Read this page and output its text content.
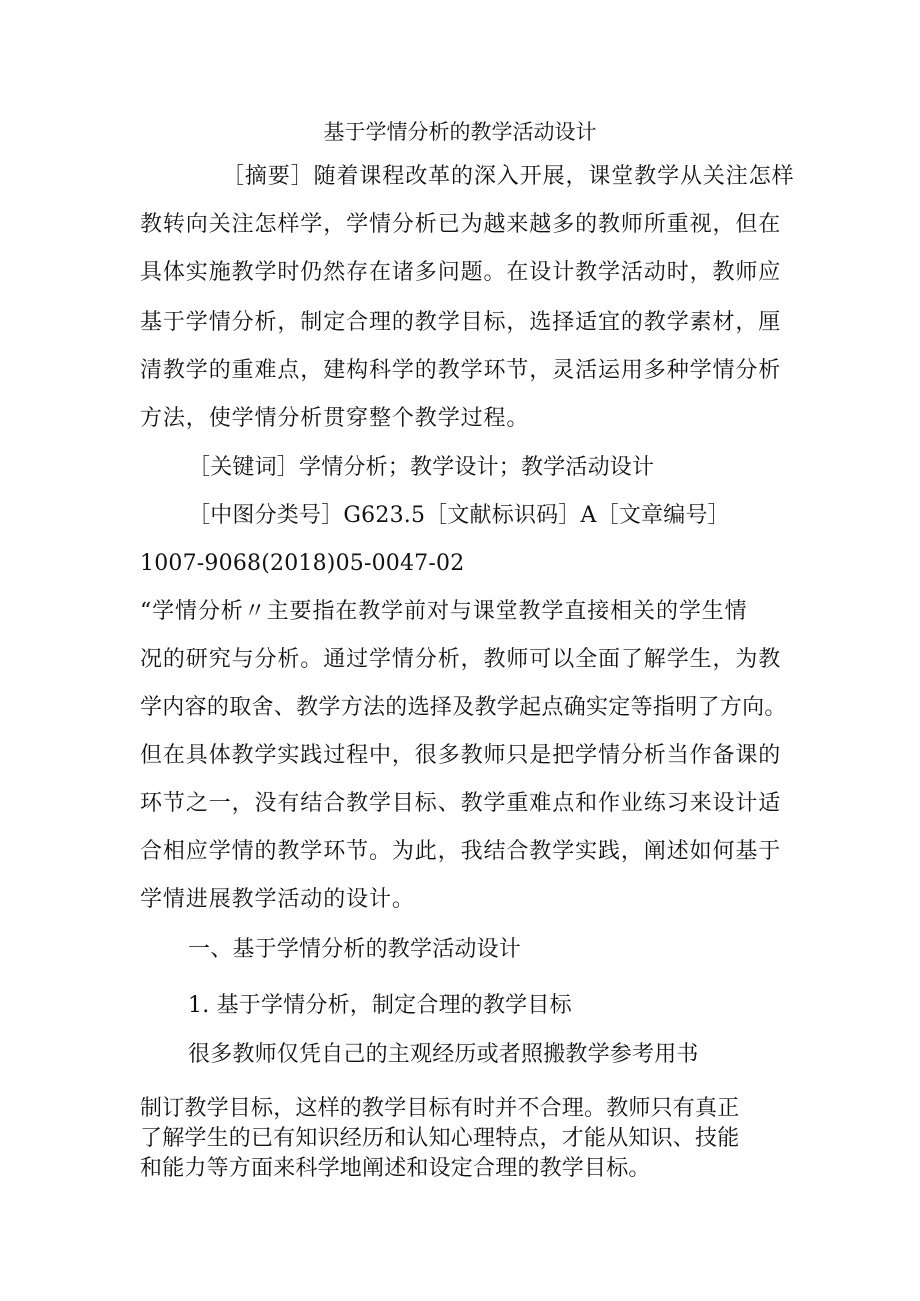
基于学情分析的教学活动设计

［摘要］随着课程改革的深入开展，课堂教学从关注怎样

教转向关注怎样学，学情分析已为越来越多的教师所重视，但在

具体实施教学时仍然存在诸多问题。在设计教学活动时，教师应

基于学情分析，制定合理的教学目标，选择适宜的教学素材，厘

清教学的重难点，建构科学的教学环节，灵活运用多种学情分析

方法，使学情分析贯穿整个教学过程。

［关键词］学情分析；教学设计；教学活动设计

［中图分类号］G623.5［文献标识码］A［文章编号］

1007-9068(2018)05-0047-02

“学情分析〃主要指在教学前对与课堂教学直接相关的学生情

况的研究与分析。通过学情分析，教师可以全面了解学生，为教

学内容的取舍、教学方法的选择及教学起点确实定等指明了方向。

但在具体教学实践过程中，很多教师只是把学情分析当作备课的

环节之一，没有结合教学目标、教学重难点和作业练习来设计适

合相应学情的教学环节。为此，我结合教学实践，阐述如何基于

学情进展教学活动的设计。

一、基于学情分析的教学活动设计

1. 基于学情分析，制定合理的教学目标

很多教师仅凭自己的主观经历或者照搬教学参考用书

制订教学目标，这样的教学目标有时并不合理。教师只有真正

了解学生的已有知识经历和认知心理特点，才能从知识、技能

和能力等方面来科学地阐述和设定合理的教学目标。
